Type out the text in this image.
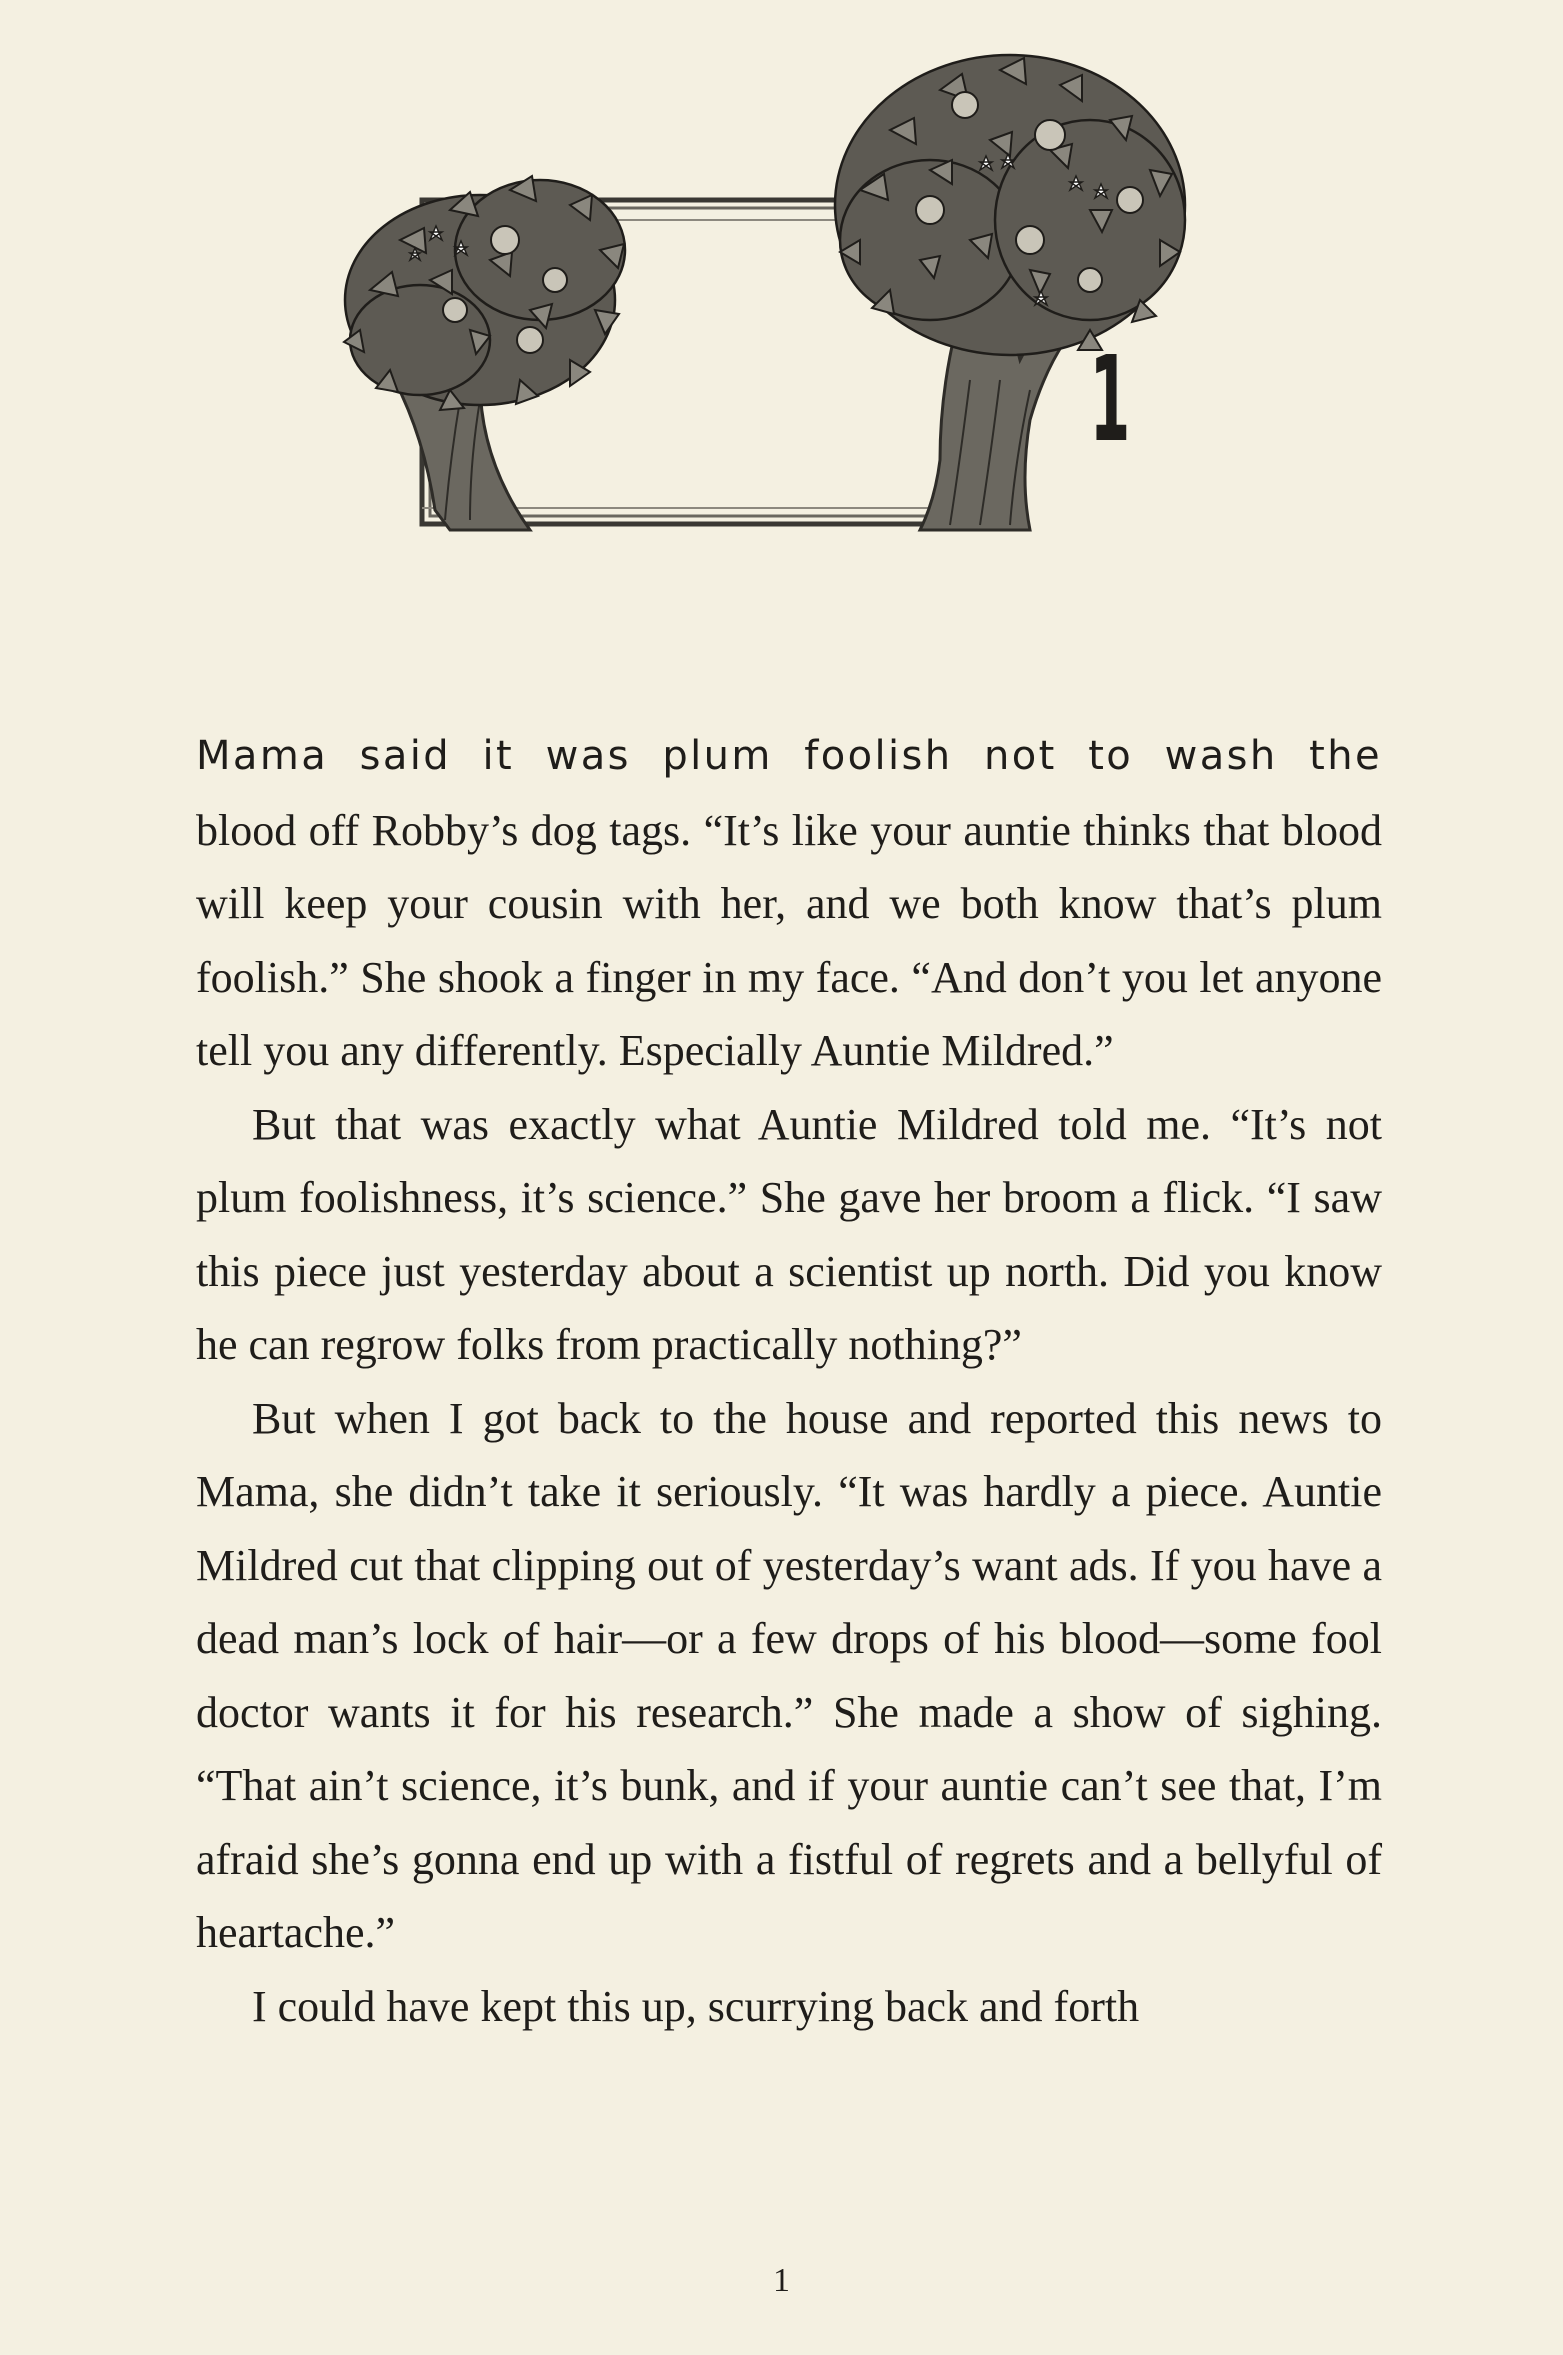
1

Mama said it was plum foolish not to wash the blood off Robby’s dog tags. “It’s like your auntie thinks that blood will keep your cousin with her, and we both know that’s plum foolish.” She shook a finger in my face. “And don’t you let anyone tell you any differently. Especially Auntie Mildred.”

But that was exactly what Auntie Mildred told me. “It’s not plum foolishness, it’s science.” She gave her broom a flick. “I saw this piece just yesterday about a scientist up north. Did you know he can regrow folks from practically nothing?”

But when I got back to the house and reported this news to Mama, she didn’t take it seriously. “It was hardly a piece. Auntie Mildred cut that clipping out of yesterday’s want ads. If you have a dead man’s lock of hair—or a few drops of his blood—some fool doctor wants it for his research.” She made a show of sighing. “That ain’t science, it’s bunk, and if your auntie can’t see that, I’m afraid she’s gonna end up with a fistful of regrets and a bellyful of heartache.”

I could have kept this up, scurrying back and forth

1
